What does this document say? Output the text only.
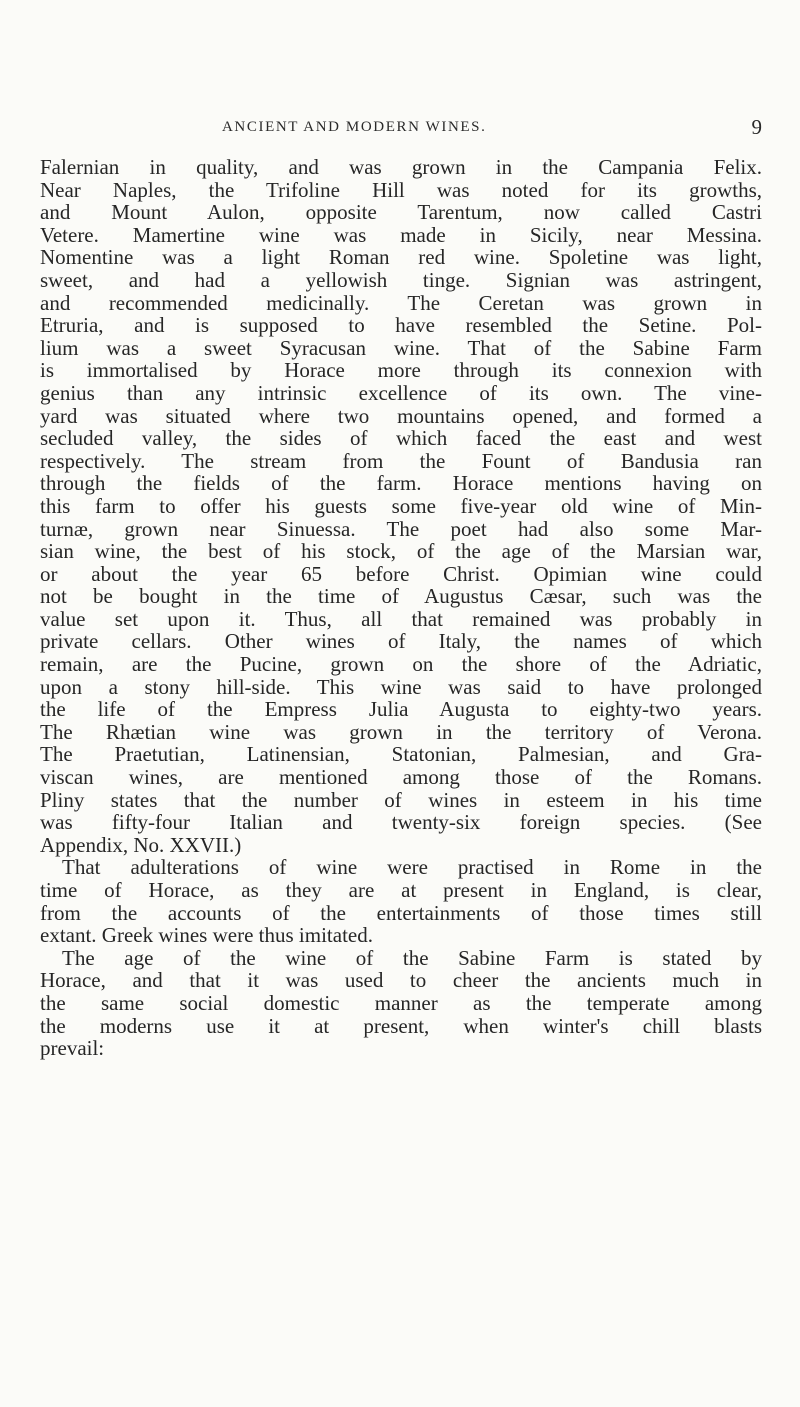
ANCIENT AND MODERN WINES.	9
Falernian in quality, and was grown in the Campania Felix.
Near Naples, the Trifoline Hill was noted for its growths,
and Mount Aulon, opposite Tarentum, now called Castri
Vetere. Mamertine wine was made in Sicily, near Messina.
Nomentine was a light Roman red wine. Spoletine was light,
sweet, and had a yellowish tinge. Signian was astringent,
and recommended medicinally. The Ceretan was grown in
Etruria, and is supposed to have resembled the Setine. Pol-
lium was a sweet Syracusan wine. That of the Sabine Farm
is immortalised by Horace more through its connexion with
genius than any intrinsic excellence of its own. The vine-
yard was situated where two mountains opened, and formed a
secluded valley, the sides of which faced the east and west
respectively. The stream from the Fount of Bandusia ran
through the fields of the farm. Horace mentions having on
this farm to offer his guests some five-year old wine of Min-
turnæ, grown near Sinuessa. The poet had also some Mar-
sian wine, the best of his stock, of the age of the Marsian war,
or about the year 65 before Christ. Opimian wine could
not be bought in the time of Augustus Cæsar, such was the
value set upon it. Thus, all that remained was probably in
private cellars. Other wines of Italy, the names of which
remain, are the Pucine, grown on the shore of the Adriatic,
upon a stony hill-side. This wine was said to have prolonged
the life of the Empress Julia Augusta to eighty-two years.
The Rhætian wine was grown in the territory of Verona.
The Praetutian, Latinensian, Statonian, Palmesian, and Gra-
viscan wines, are mentioned among those of the Romans.
Pliny states that the number of wines in esteem in his time
was fifty-four Italian and twenty-six foreign species. (See
Appendix, No. XXVII.)
That adulterations of wine were practised in Rome in the
time of Horace, as they are at present in England, is clear,
from the accounts of the entertainments of those times still
extant. Greek wines were thus imitated.
The age of the wine of the Sabine Farm is stated by
Horace, and that it was used to cheer the ancients much in
the same social domestic manner as the temperate among
the moderns use it at present, when winter's chill blasts
prevail:
